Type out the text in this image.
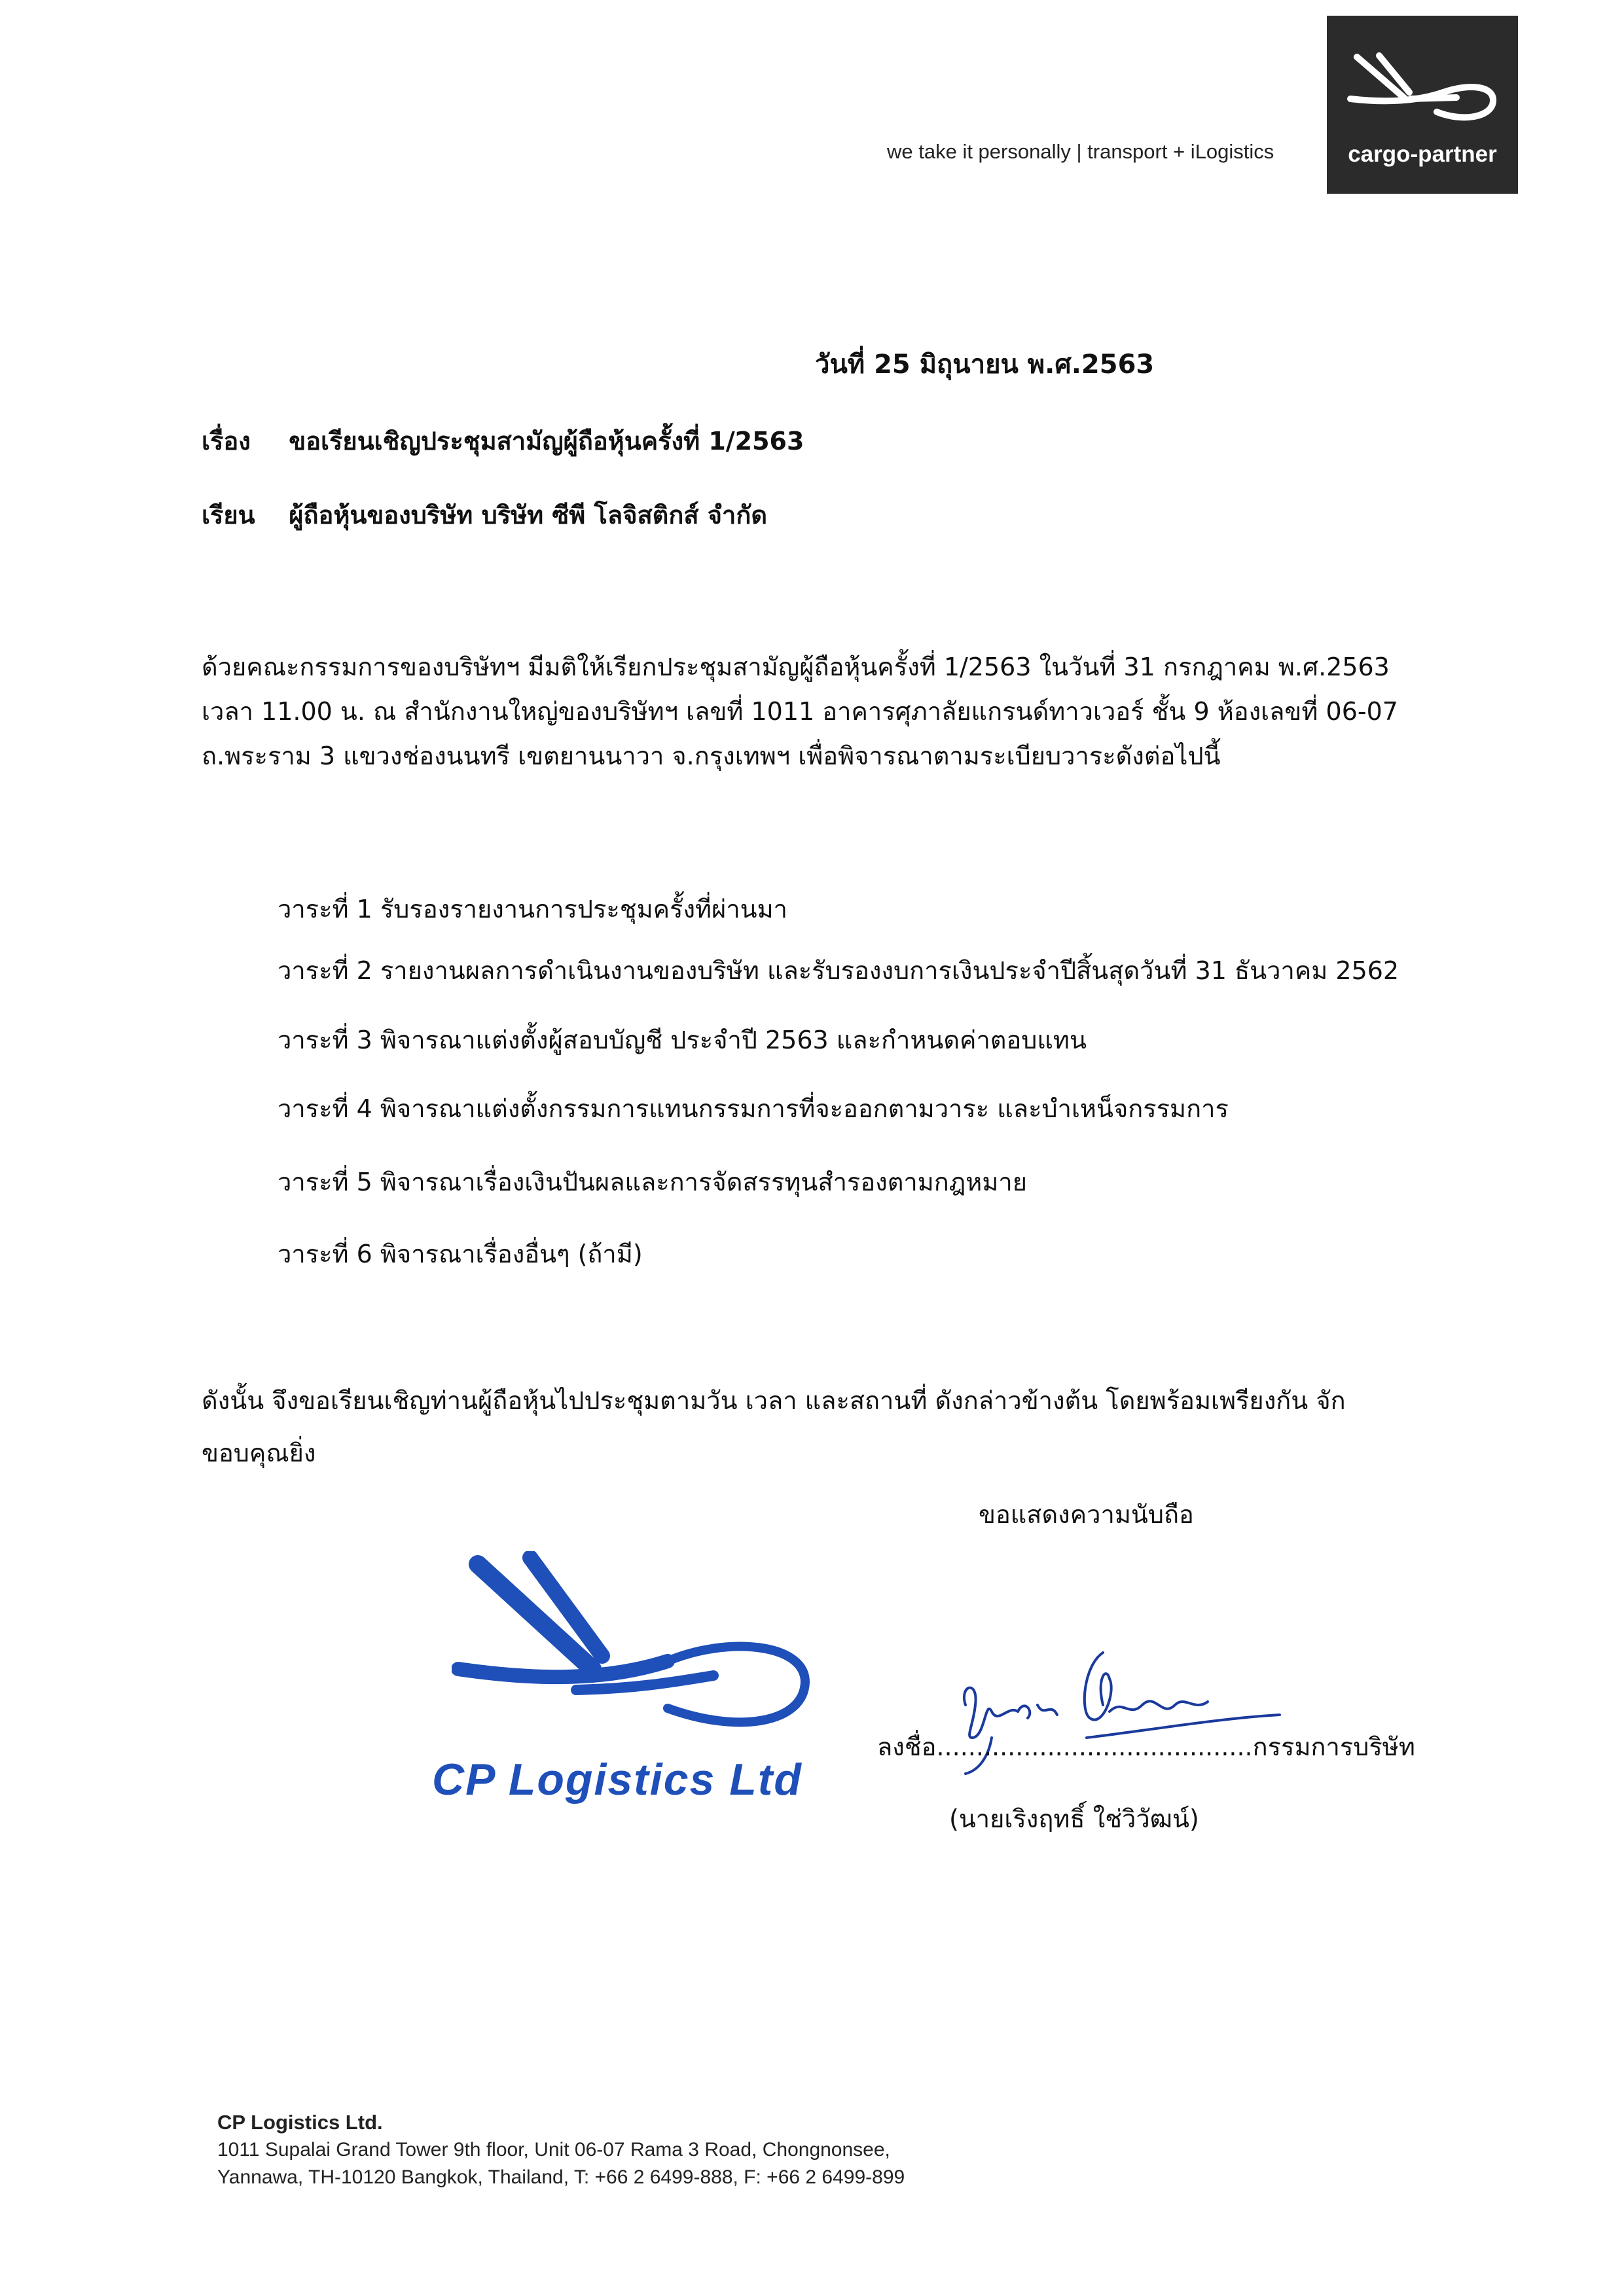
we take it personally | transport + iLogistics	cargo-partner
วันที่ 25 มิถุนายน พ.ศ.2563
เรื่อง ขอเรียนเชิญประชุมสามัญผู้ถือหุ้นครั้งที่ 1/2563
เรียน ผู้ถือหุ้นของบริษัท บริษัท ซีพี โลจิสติกส์ จำกัด
ด้วยคณะกรรมการของบริษัทฯ มีมติให้เรียกประชุมสามัญผู้ถือหุ้นครั้งที่ 1/2563 ในวันที่ 31 กรกฎาคม พ.ศ.2563
เวลา 11.00 น. ณ สำนักงานใหญ่ของบริษัทฯ เลขที่ 1011 อาคารศุภาลัยแกรนด์ทาวเวอร์ ชั้น 9 ห้องเลขที่ 06-07
ถ.พระราม 3 แขวงช่องนนทรี เขตยานนาวา จ.กรุงเทพฯ เพื่อพิจารณาตามระเบียบวาระดังต่อไปนี้
วาระที่ 1 รับรองรายงานการประชุมครั้งที่ผ่านมา
วาระที่ 2 รายงานผลการดำเนินงานของบริษัท และรับรองงบการเงินประจำปีสิ้นสุดวันที่ 31 ธันวาคม 2562
วาระที่ 3 พิจารณาแต่งตั้งผู้สอบบัญชี ประจำปี 2563 และกำหนดค่าตอบแทน
วาระที่ 4 พิจารณาแต่งตั้งกรรมการแทนกรรมการที่จะออกตามวาระ และบำเหน็จกรรมการ
วาระที่ 5 พิจารณาเรื่องเงินปันผลและการจัดสรรทุนสำรองตามกฎหมาย
วาระที่ 6 พิจารณาเรื่องอื่นๆ (ถ้ามี)
ดังนั้น จึงขอเรียนเชิญท่านผู้ถือหุ้นไปประชุมตามวัน เวลา และสถานที่ ดังกล่าวข้างต้น โดยพร้อมเพรียงกัน จัก
ขอบคุณยิ่ง
ขอแสดงความนับถือ
CP Logistics Ltd
ลงชื่อ........................................กรรมการบริษัท
(นายเริงฤทธิ์ ใช่วิวัฒน์)
CP Logistics Ltd.
1011 Supalai Grand Tower 9th floor, Unit 06-07 Rama 3 Road, Chongnonsee,
Yannawa, TH-10120 Bangkok, Thailand, T: +66 2 6499-888, F: +66 2 6499-899
